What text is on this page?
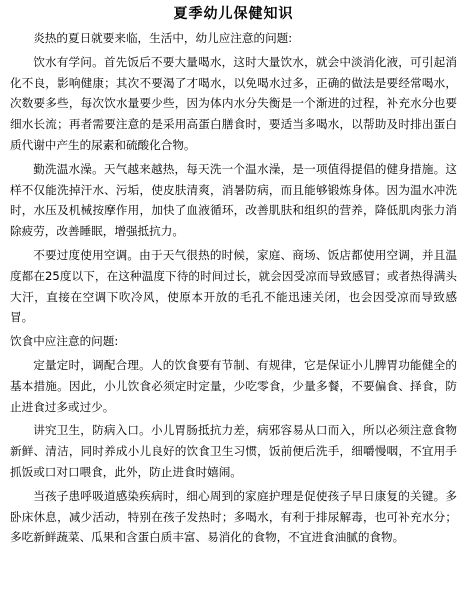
夏季幼儿保健知识

炎热的夏日就要来临，生活中，幼儿应注意的问题:

饮水有学问。首先饭后不要大量喝水，这时大量饮水，就会中淡消化液，可引起消化不良，影响健康；其次不要渴了才喝水，以免喝水过多，正确的做法是要经常喝水，次数要多些，每次饮水量要少些，因为体内水分失衡是一个渐进的过程，补充水分也要细水长流；再者需要注意的是采用高蛋白膳食时，要适当多喝水，以帮助及时排出蛋白质代谢中产生的尿素和硫酸化合物。

勤洗温水澡。天气越来越热，每天洗一个温水澡，是一项值得提倡的健身措施。这样不仅能洗掉汗水、污垢，使皮肤清爽，消暑防病，而且能够锻炼身体。因为温水冲洗时，水压及机械按摩作用，加快了血液循环，改善肌肤和组织的营养，降低肌肉张力消除疲劳，改善睡眠，增强抵抗力。

不要过度使用空调。由于天气很热的时候，家庭、商场、饭店都使用空调，并且温度都在25度以下，在这种温度下待的时间过长，就会因受凉而导致感冒；或者热得满头大汗，直接在空调下吹冷风，使原本开放的毛孔不能迅速关闭，也会因受凉而导致感冒。

饮食中应注意的问题:

定量定时，调配合理。人的饮食要有节制、有规律，它是保证小儿脾胃功能健全的基本措施。因此，小儿饮食必须定时定量，少吃零食，少量多餐，不要偏食、择食，防止进食过多或过少。

讲究卫生，防病入口。小儿胃肠抵抗力差，病邪容易从口而入，所以必须注意食物新鲜、清洁，同时养成小儿良好的饮食卫生习惯，饭前便后洗手，细嚼慢咽，不宜用手抓饭或口对口喂食，此外，防止进食时嬉闹。

当孩子患呼吸道感染疾病时，细心周到的家庭护理是促使孩子早日康复的关键。多卧床休息，减少活动，特别在孩子发热时；多喝水，有利于排尿解毒，也可补充水分；多吃新鲜蔬菜、瓜果和含蛋白质丰富、易消化的食物，不宜进食油腻的食物。
